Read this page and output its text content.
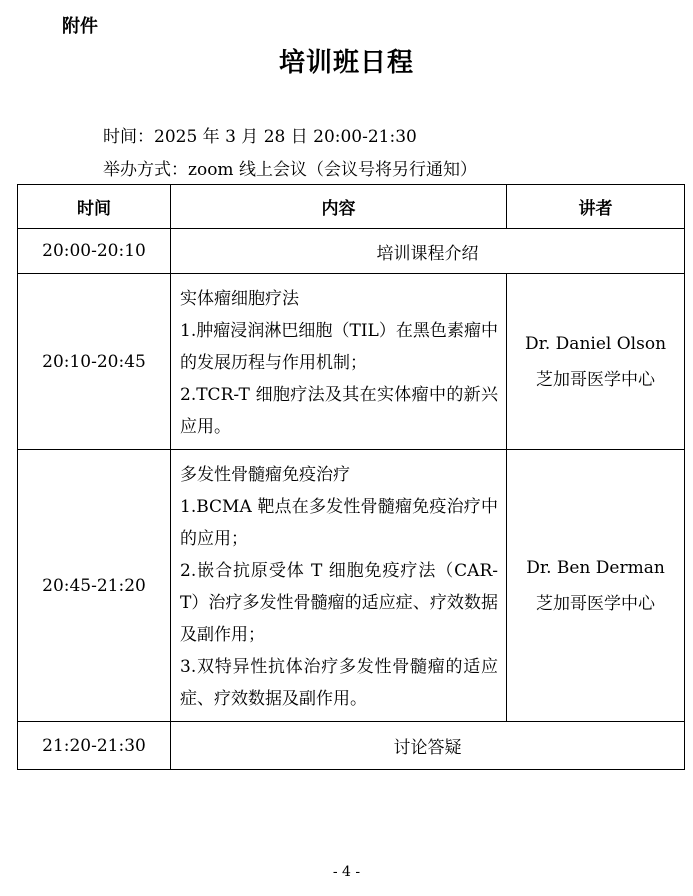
附件
培训班日程
时间：2025 年 3 月 28 日 20:00-21:30
举办方式：zoom 线上会议（会议号将另行通知）
时间	内容	讲者
20:00-20:10	培训课程介绍	
20:10-20:45	实体瘤细胞疗法
1.肿瘤浸润淋巴细胞（TIL）在黑色素瘤中的发展历程与作用机制；
2.TCR-T 细胞疗法及其在实体瘤中的新兴应用。	Dr. Daniel Olson
芝加哥医学中心

20:45-21:20	多发性骨髓瘤免疫治疗
1.BCMA 靶点在多发性骨髓瘤免疫治疗中的应用；
2.嵌合抗原受体 T 细胞免疫疗法（CAR-T）治疗多发性骨髓瘤的适应症、疗效数据及副作用；
3.双特异性抗体治疗多发性骨髓瘤的适应症、疗效数据及副作用。	Dr. Ben Derman
芝加哥医学中心

21:20-21:30	讨论答疑	
- 4 -
